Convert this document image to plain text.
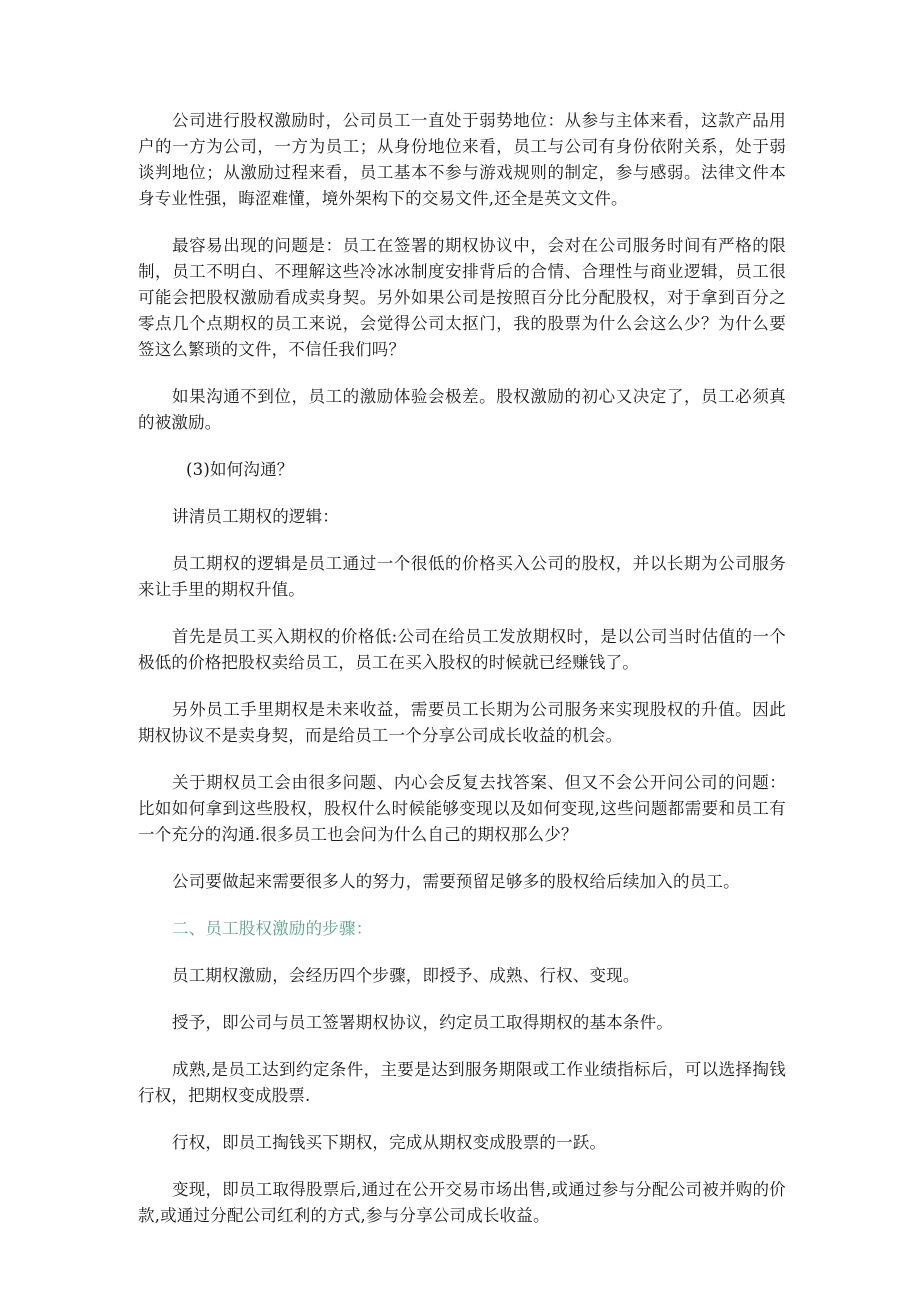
公司进行股权激励时，公司员工一直处于弱势地位：从参与主体来看，这款产品用户的一方为公司，一方为员工；从身份地位来看，员工与公司有身份依附关系，处于弱谈判地位；从激励过程来看，员工基本不参与游戏规则的制定，参与感弱。法律文件本身专业性强，晦涩难懂，境外架构下的交易文件,还全是英文文件。

最容易出现的问题是：员工在签署的期权协议中，会对在公司服务时间有严格的限制，员工不明白、不理解这些冷冰冰制度安排背后的合情、合理性与商业逻辑，员工很可能会把股权激励看成卖身契。另外如果公司是按照百分比分配股权，对于拿到百分之零点几个点期权的员工来说，会觉得公司太抠门，我的股票为什么会这么少？为什么要签这么繁琐的文件，不信任我们吗？

如果沟通不到位，员工的激励体验会极差。股权激励的初心又决定了，员工必须真的被激励。

(3)如何沟通？

讲清员工期权的逻辑：

员工期权的逻辑是员工通过一个很低的价格买入公司的股权，并以长期为公司服务来让手里的期权升值。

首先是员工买入期权的价格低:公司在给员工发放期权时，是以公司当时估值的一个极低的价格把股权卖给员工，员工在买入股权的时候就已经赚钱了。

另外员工手里期权是未来收益，需要员工长期为公司服务来实现股权的升值。因此期权协议不是卖身契，而是给员工一个分享公司成长收益的机会。

关于期权员工会由很多问题、内心会反复去找答案、但又不会公开问公司的问题：比如如何拿到这些股权，股权什么时候能够变现以及如何变现,这些问题都需要和员工有一个充分的沟通.很多员工也会问为什么自己的期权那么少？

公司要做起来需要很多人的努力，需要预留足够多的股权给后续加入的员工。

二、员工股权激励的步骤：

员工期权激励，会经历四个步骤，即授予、成熟、行权、变现。

授予，即公司与员工签署期权协议，约定员工取得期权的基本条件。

成熟,是员工达到约定条件，主要是达到服务期限或工作业绩指标后，可以选择掏钱行权，把期权变成股票.

行权，即员工掏钱买下期权，完成从期权变成股票的一跃。

变现，即员工取得股票后,通过在公开交易市场出售,或通过参与分配公司被并购的价款,或通过分配公司红利的方式,参与分享公司成长收益。
